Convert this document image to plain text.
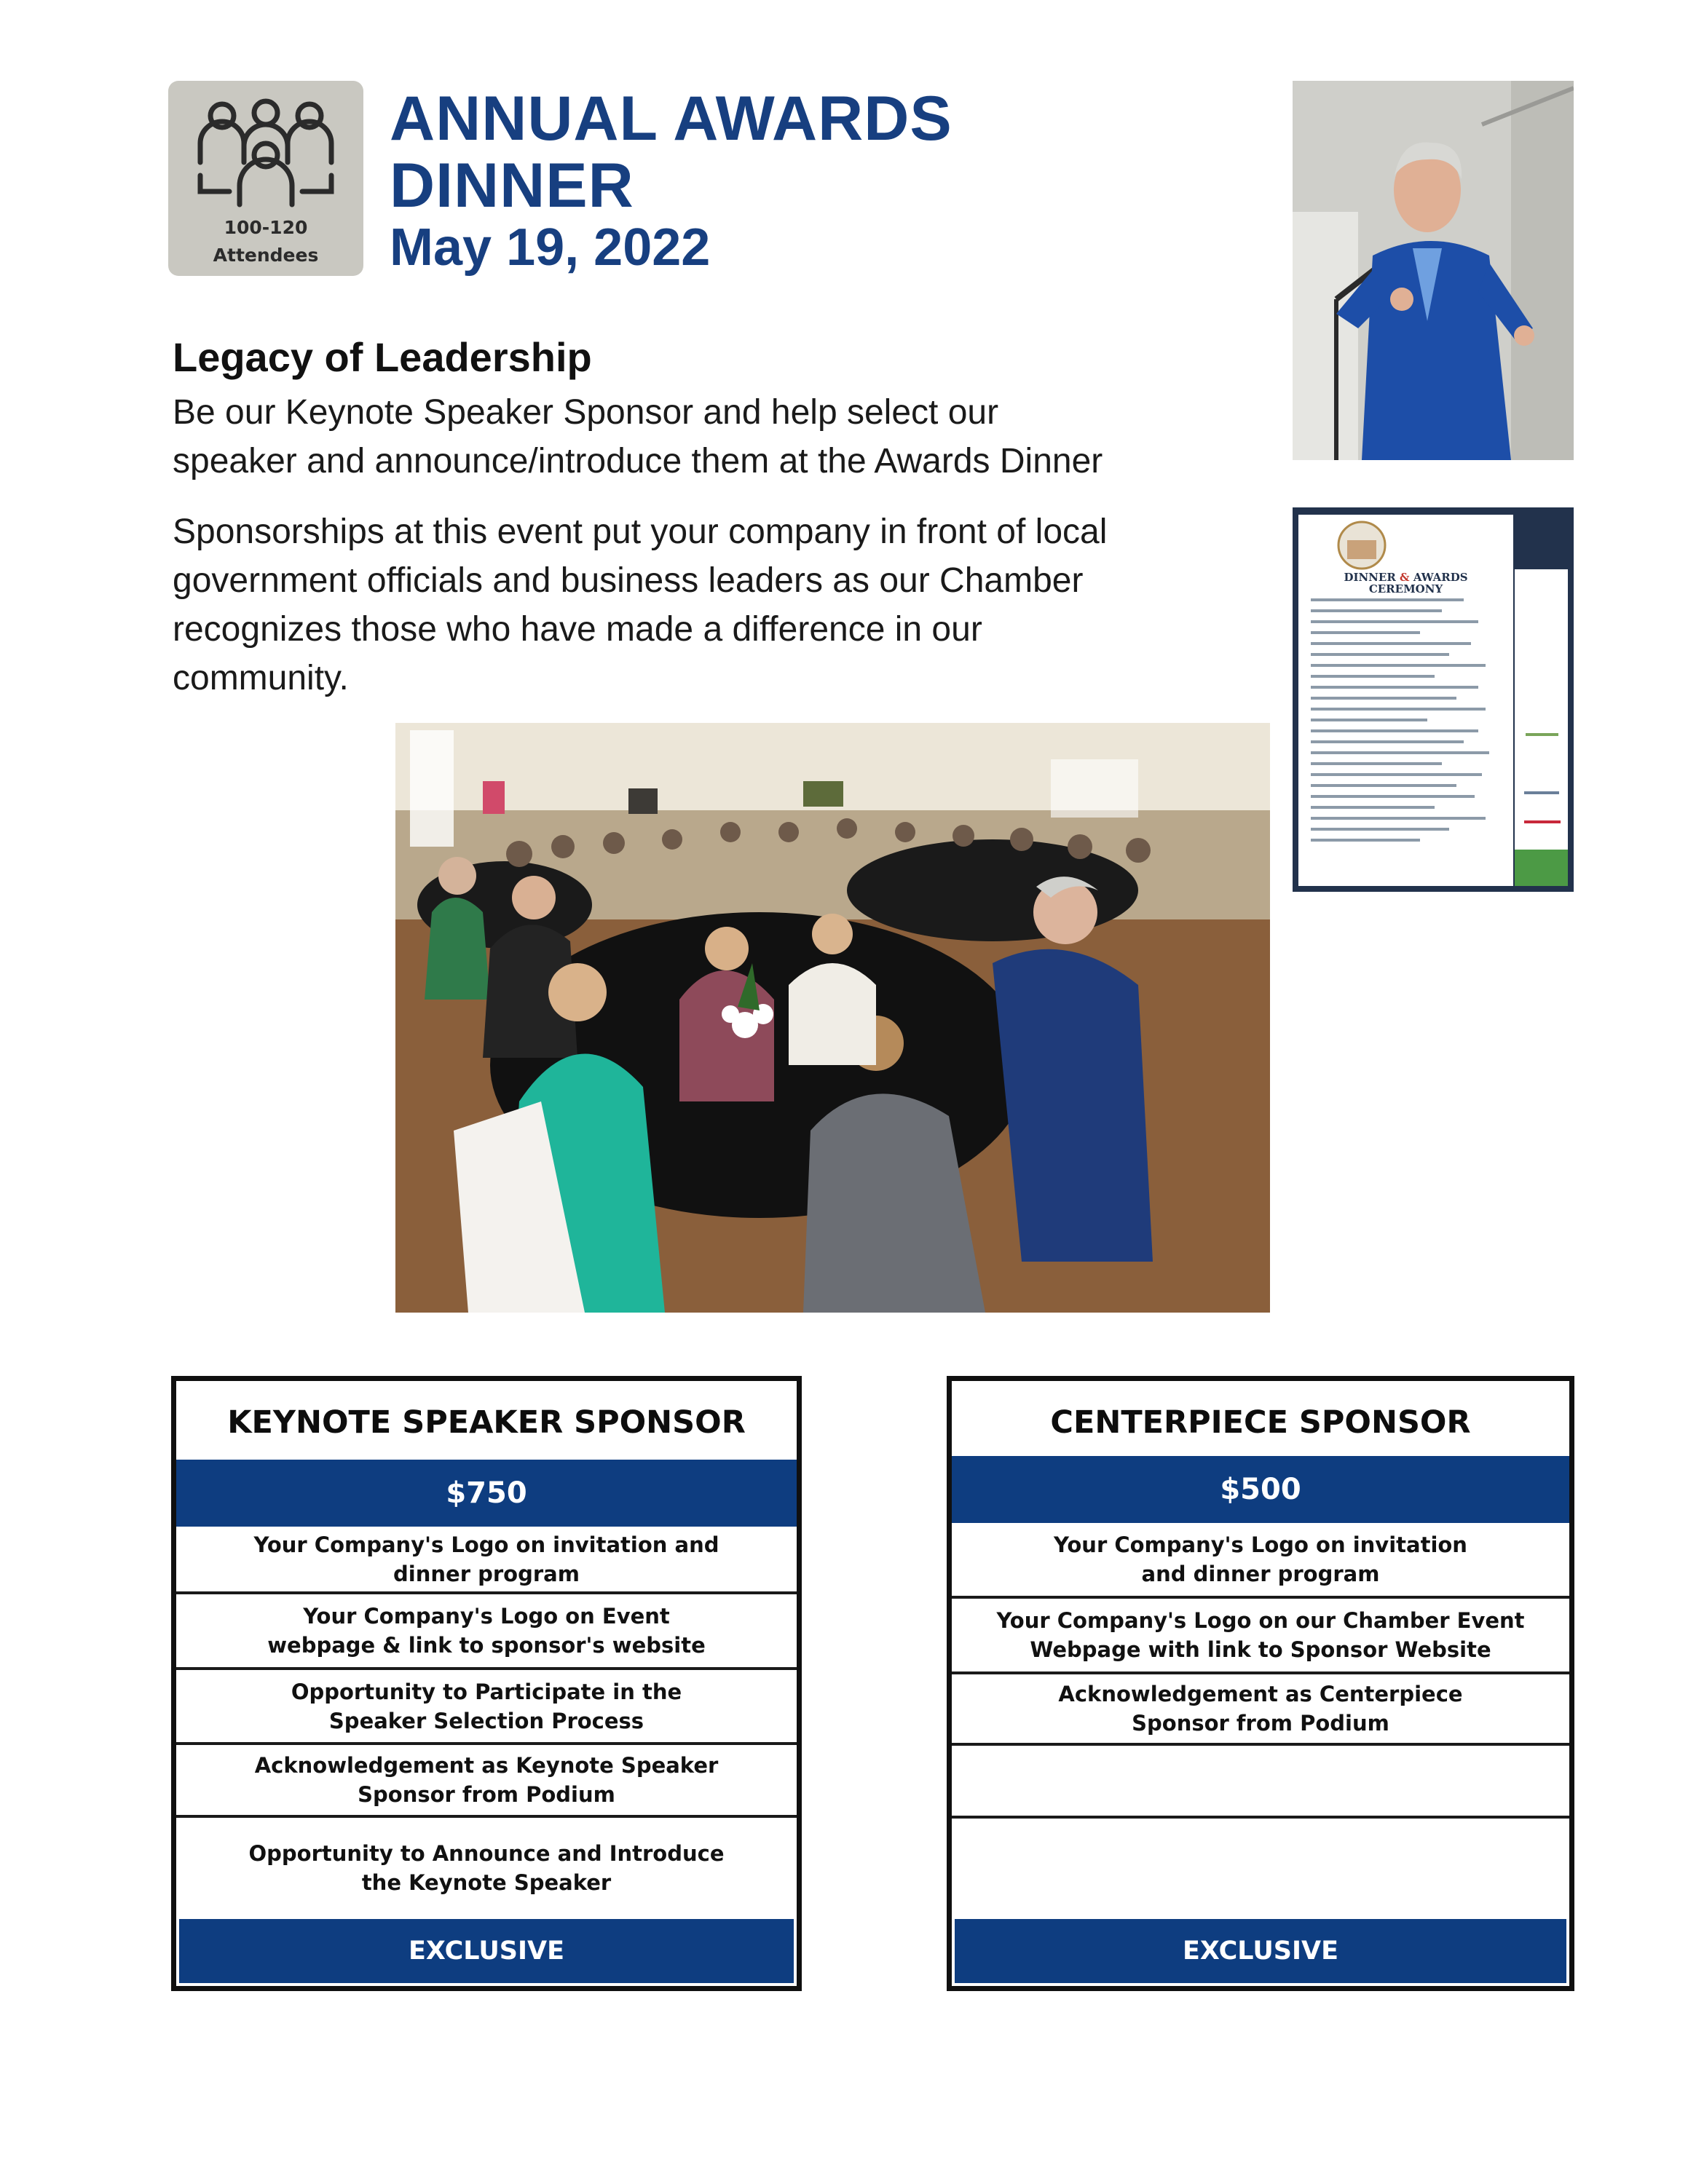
100-120
Attendees
ANNUAL AWARDS
DINNER
May 19, 2022
Legacy of Leadership
Be our Keynote Speaker Sponsor and help select our
speaker and announce/introduce them at the Awards Dinner
Sponsorships at this event put your company in front of local
government officials and business leaders as our Chamber
recognizes those who have made a difference in our
community.
DINNER & AWARDS
CEREMONY
KEYNOTE SPEAKER SPONSOR
$750
Your Company's Logo on invitation and
dinner program
Your Company's Logo on Event
webpage & link to sponsor's website
Opportunity to Participate in the
Speaker Selection Process
Acknowledgement as Keynote Speaker
Sponsor from Podium
Opportunity to Announce and Introduce
the Keynote Speaker
EXCLUSIVE
CENTERPIECE SPONSOR
$500
Your Company's Logo on invitation
and dinner program
Your Company's Logo on our Chamber Event
Webpage with link to Sponsor Website
Acknowledgement as Centerpiece
Sponsor from Podium
EXCLUSIVE
